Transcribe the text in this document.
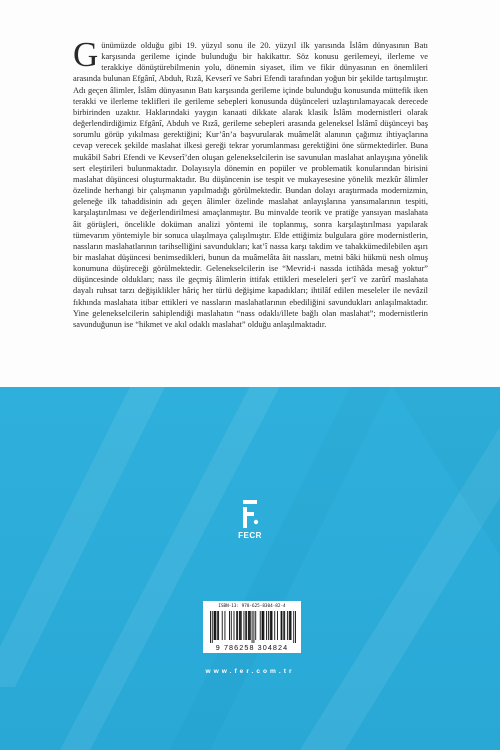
Günümüzde olduğu gibi 19. yüzyıl sonu ile 20. yüzyıl ilk yarısında İslâm dünyasının Batı karşısında gerileme içinde bulunduğu bir hakikattır. Söz konusu gerilemeyi, ilerleme ve terakkiye dönüştürebilmenin yolu, dönemin siyaset, ilim ve fikir dünyasının en önemlileri arasında bulunan Efgânî, Abduh, Rızâ, Kevserî ve Sabri Efendi tarafından yoğun bir şekilde tartışılmıştır. Adı geçen âlimler, İslâm dünyasının Batı karşısında gerileme içinde bulunduğu konusunda müttefik iken terakki ve ilerleme teklifleri ile gerileme sebepleri konusunda düşünceleri uzlaştırılamayacak derecede birbirinden uzaktır. Haklarındaki yaygın kanaati dikkate alarak klasik İslâm modernistleri olarak değerlendirdiğimiz Efgânî, Abduh ve Rızâ, gerileme sebepleri arasında geleneksel İslâmî düşünceyi baş sorumlu görüp yıkılması gerektiğini; Kur’ân’a başvurularak muâmelât alanının çağımız ihtiyaçlarına cevap verecek şekilde maslahat ilkesi gereği tekrar yorumlanması gerektiğini öne sürmektedirler. Buna mukâbil Sabri Efendi ve Kevserî’den oluşan gelenekselcilerin ise savunulan maslahat anlayışına yönelik sert eleştirileri bulunmaktadır. Dolayısıyla dönemin en popüler ve problematik konularından birisini maslahat düşüncesi oluşturmaktadır. Bu düşüncenin ise tespit ve mukayesesine yönelik mezkûr âlimler özelinde herhangi bir çalışmanın yapılmadığı görülmektedir. Bundan dolayı araştırmada modernizmin, geleneğe ilk tahaddisinin adı geçen âlimler özelinde maslahat anlayışlarına yansımalarının tespiti, karşılaştırılması ve değerlendirilmesi amaçlanmıştır. Bu minvalde teorik ve pratiğe yansıyan maslahata âit görüşleri, öncelikle doküman analizi yöntemi ile toplanmış, sonra karşılaştırılması yapılarak tümevarım yöntemiyle bir sonuca ulaşılmaya çalışılmıştır. Elde ettiğimiz bulgulara göre modernistlerin, nassların maslahatlarının tarihselliğini savundukları; kat’î nassa karşı takdim ve tahakkümedilebilen aşırı bir maslahat düşüncesi benimsedikleri, bunun da muâmelâta âit nassları, metni bâki hükmü nesh olmuş konumuna düşüreceği görülmektedir. Gelenekselcilerin ise “Mevrid-i nassda ictihâda mesağ yoktur” düşüncesinde oldukları; nass ile geçmiş âlimlerin ittifak ettikleri meseleleri şer‘î ve zarûrî maslahata dayalı ruhsat tarzı değişiklikler hâriç her türlü değişime kapadıkları; ihtilâf edilen meseleler ile nevâzil fıkhında maslahata itibar ettikleri ve nassların maslahatlarının ebediliğini savundukları anlaşılmaktadır. Yine gelenekselcilerin sahiplendiği maslahatın “nass odaklı/illete bağlı olan maslahat”; modernistlerin savunduğunun ise “hikmet ve akıl odaklı maslahat” olduğu anlaşılmaktadır.
FECR
ISBN-13: 978-625-8304-82-4
9 786258 304824
www.fer.com.tr
